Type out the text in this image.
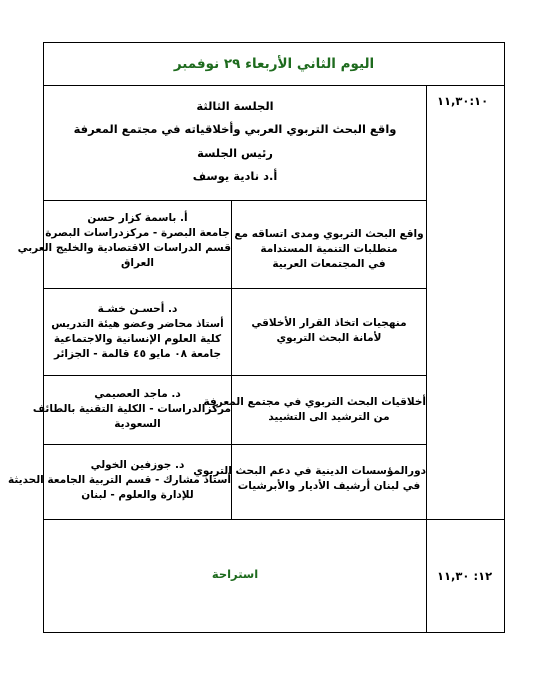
اليوم الثاني الأربعاء ٢٩ نوفمبر
١١,٣٠:١٠
الجلسة الثالثة
واقع البحث التربوي العربي وأخلاقياته في مجتمع المعرفة
رئيس الجلسة
أ.د نادية يوسف
واقع البحث التربوي ومدى اتساقه مع
متطلبات التنمية المستدامة
في المجتمعات العربية
أ. باسمة كزار حسن
جامعة البصرة - مركزدراسات البصرة
قسم الدراسات الاقتصادية والخليج العربي
العراق
منهجيات اتخاذ القرار الأخلاقي
لأمانة البحث التربوي
د. أحسـن خشـة
أستاذ محاضر وعضو هيئة التدريس
كلية العلوم الإنسانية والاجتماعية
جامعة ٠٨ مايو ٤٥ قالمة - الجزائر
أخلاقيات البحث التربوي في مجتمع المعرفة
من الترشيد الى التشييد
د. ماجد العصيمي
مركزالدراسات - الكلية التقنية بالطائف
السعودية
دورالمؤسسات الدينية في دعم البحث التربوي
في لبنان أرشيف الأديار والأبرشيات
د. جوزفين الخولي
أستاذ مشارك - قسم التربية الجامعة الحديثة
للإدارة والعلوم - لبنان
١٢: ١١,٣٠
استراحة
